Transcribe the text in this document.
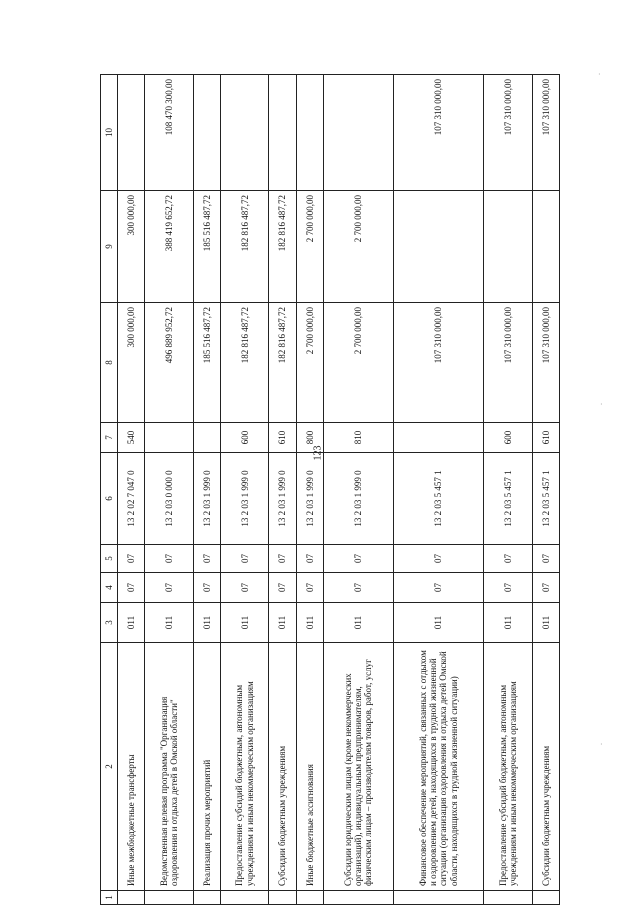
123
1	2	3	4	5	6	7	8	9	10
	Иные межбюджетные трансферты	011	07	07	13 2 02 7 047 0	540	300 000,00	300 000,00	
	Ведомственная целевая программа "Организация оздоровления и отдыха детей в Омской области"	011	07	07	13 2 03 0 000 0		496 889 952,72	388 419 652,72	108 470 300,00
	Реализация прочих мероприятий	011	07	07	13 2 03 1 999 0		185 516 487,72	185 516 487,72	
	Предоставление субсидий бюджетным, автономным учреждениям и иным некоммерческим организациям	011	07	07	13 2 03 1 999 0	600	182 816 487,72	182 816 487,72	
	Субсидии бюджетным учреждениям	011	07	07	13 2 03 1 999 0	610	182 816 487,72	182 816 487,72	
	Иные бюджетные ассигнования	011	07	07	13 2 03 1 999 0	800	2 700 000,00	2 700 000,00	
	Субсидии юридическим лицам (кроме некоммерческих организаций), индивидуальным предпринимателям, физическим лицам – производителям товаров, работ, услуг	011	07	07	13 2 03 1 999 0	810	2 700 000,00	2 700 000,00	
	Финансовое обеспечение мероприятий, связанных с отдыхом и оздоровлением детей, находящихся в трудной жизненной ситуации (организация оздоровления и отдыха детей Омской области, находящихся в трудной жизненной ситуации)	011	07	07	13 2 03 5 457 1		107 310 000,00		107 310 000,00
	Предоставление субсидий бюджетным, автономным учреждениям и иным некоммерческим организациям	011	07	07	13 2 03 5 457 1	600	107 310 000,00		107 310 000,00
	Субсидии бюджетным учреждениям	011	07	07	13 2 03 5 457 1	610	107 310 000,00		107 310 000,00
·
·
·
